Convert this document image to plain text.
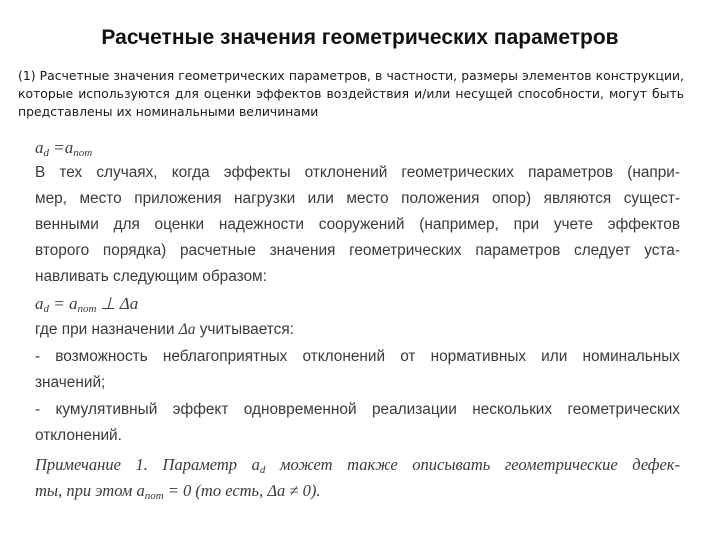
Расчетные значения геометрических параметров
(1) Расчетные значения геометрических параметров, в частности, размеры элементов конструкции, которые используются для оценки эффектов воздействия и/или несущей способности, могут быть представлены их номинальными величинами
$a_d =a_{nom}$
В тех случаях, когда эффекты отклонений геометрических параметров (напри-
мер, место приложения нагрузки или место положения опор) являются сущест-
венными для оценки надежности сооружений (например, при учете эффектов
второго порядка) расчетные значения геометрических параметров следует уста-
навливать следующим образом:
$a_d = a_{nom}$ ⊥ Δa
где при назначении Δa учитывается:
- возможность неблагоприятных отклонений от нормативных или номинальных
значений;
- кумулятивный эффект одновременной реализации нескольких геометрических
отклонений.
Примечание 1. Параметр $a_d$ может также описывать геометрические дефек-
ты, при этом $a_{nom} = 0$ (то есть, Δa ≠ 0).
